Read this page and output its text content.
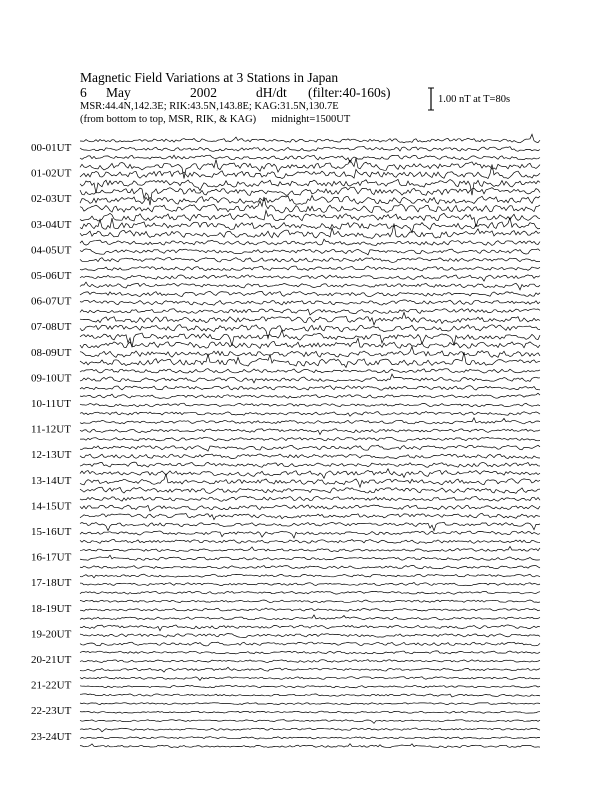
Magnetic Field Variations at 3 Stations in Japan
6 May	2002	dH/dt (filter:40-160s)
MSR:44.4N,142.3E; RIK:43.5N,143.8E; KAG:31.5N,130.7E
(from bottom to top, MSR, RIK, & KAG) midnight=1500UT
1.00 nT at T=80s
00-01UT
01-02UT
02-03UT
03-04UT
04-05UT
05-06UT
06-07UT
07-08UT
08-09UT
09-10UT
10-11UT
11-12UT
12-13UT
13-14UT
14-15UT
15-16UT
16-17UT
17-18UT
18-19UT
19-20UT
20-21UT
21-22UT
22-23UT
23-24UT
